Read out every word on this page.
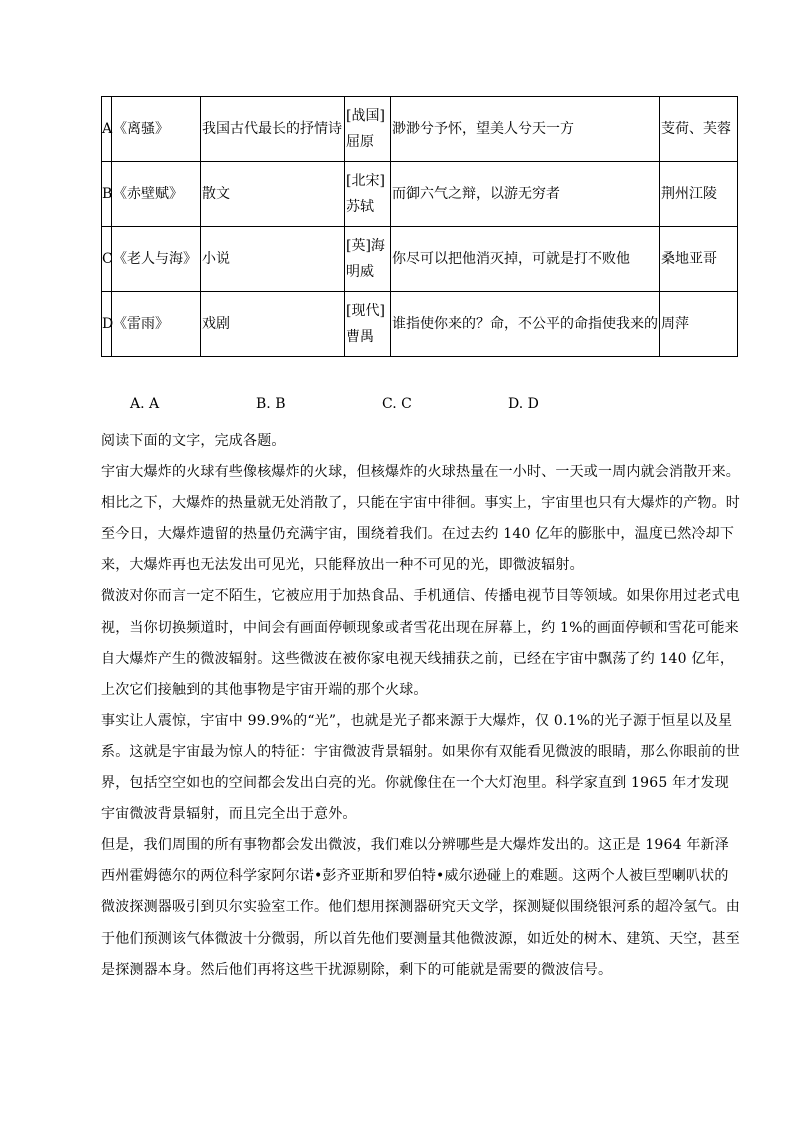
A	《离骚》	我国古代最长的抒情诗	[战国]屈原	渺渺兮予怀，望美人兮天一方	芰荷、芙蓉
B	《赤壁赋》	散文	[北宋]苏轼	而御六气之辩，以游无穷者	荆州江陵
C	《老人与海》	小说	[英]海明威	你尽可以把他消灭掉，可就是打不败他	桑地亚哥
D	《雷雨》	戏剧	[现代]曹禺	谁指使你来的？命，不公平的命指使我来的	周萍
A. A	B. B	C. C	D. D

阅读下面的文字，完成各题。

宇宙大爆炸的火球有些像核爆炸的火球，但核爆炸的火球热量在一小时、一天或一周内就会消散开来。相比之下，大爆炸的热量就无处消散了，只能在宇宙中徘徊。事实上，宇宙里也只有大爆炸的产物。时至今日，大爆炸遗留的热量仍充满宇宙，围绕着我们。在过去约 140 亿年的膨胀中，温度已然冷却下来，大爆炸再也无法发出可见光，只能释放出一种不可见的光，即微波辐射。

微波对你而言一定不陌生，它被应用于加热食品、手机通信、传播电视节目等领域。如果你用过老式电视，当你切换频道时，中间会有画面停顿现象或者雪花出现在屏幕上，约 1%的画面停顿和雪花可能来自大爆炸产生的微波辐射。这些微波在被你家电视天线捕获之前，已经在宇宙中飘荡了约 140 亿年，上次它们接触到的其他事物是宇宙开端的那个火球。

事实让人震惊，宇宙中 99.9%的“光”，也就是光子都来源于大爆炸，仅 0.1%的光子源于恒星以及星系。这就是宇宙最为惊人的特征：宇宙微波背景辐射。如果你有双能看见微波的眼睛，那么你眼前的世界，包括空空如也的空间都会发出白亮的光。你就像住在一个大灯泡里。科学家直到 1965 年才发现宇宙微波背景辐射，而且完全出于意外。

但是，我们周围的所有事物都会发出微波，我们难以分辨哪些是大爆炸发出的。这正是 1964 年新泽西州霍姆德尔的两位科学家阿尔诺•彭齐亚斯和罗伯特•威尔逊碰上的难题。这两个人被巨型喇叭状的微波探测器吸引到贝尔实验室工作。他们想用探测器研究天文学，探测疑似围绕银河系的超冷氢气。由于他们预测该气体微波十分微弱，所以首先他们要测量其他微波源，如近处的树木、建筑、天空，甚至是探测器本身。然后他们再将这些干扰源剔除，剩下的可能就是需要的微波信号。
